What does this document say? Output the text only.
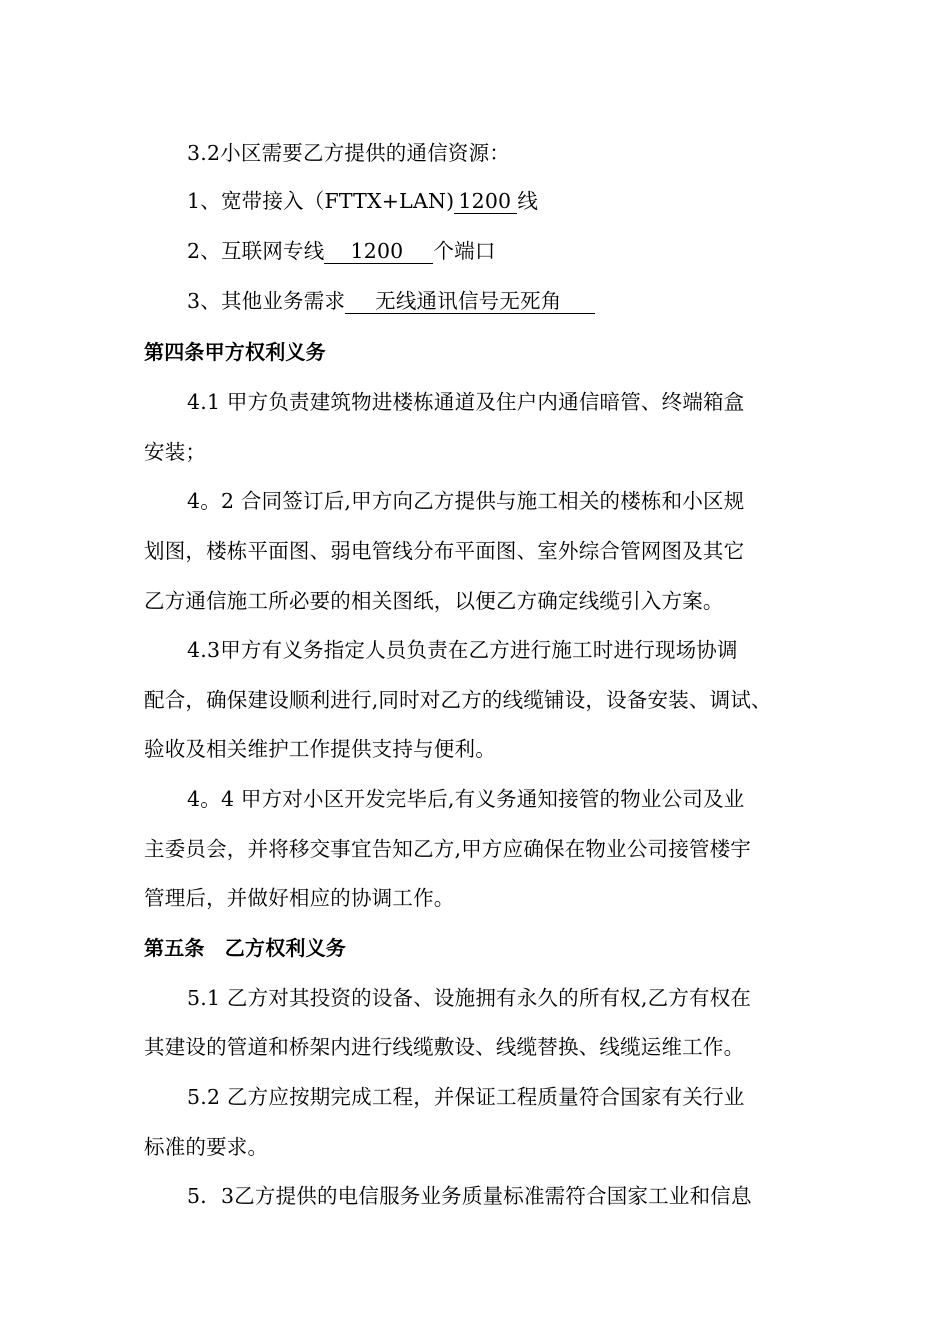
3.2小区需要乙方提供的通信资源：
1、宽带接入（FTTX+LAN) 1200 线
2、互联网专线 1200 个端口
3、其他业务需求 无线通讯信号无死角
第四条甲方权利义务
4.1 甲方负责建筑物进楼栋通道及住户内通信暗管、终端箱盒
安装；
4。2 合同签订后,甲方向乙方提供与施工相关的楼栋和小区规
划图，楼栋平面图、弱电管线分布平面图、室外综合管网图及其它
乙方通信施工所必要的相关图纸，以便乙方确定线缆引入方案。
4.3甲方有义务指定人员负责在乙方进行施工时进行现场协调
配合，确保建设顺利进行,同时对乙方的线缆铺设，设备安装、调试、
验收及相关维护工作提供支持与便利。
4。4 甲方对小区开发完毕后,有义务通知接管的物业公司及业
主委员会，并将移交事宜告知乙方,甲方应确保在物业公司接管楼宇
管理后，并做好相应的协调工作。
第五条　乙方权利义务
5.1 乙方对其投资的设备、设施拥有永久的所有权,乙方有权在
其建设的管道和桥架内进行线缆敷设、线缆替换、线缆运维工作。
5.2 乙方应按期完成工程，并保证工程质量符合国家有关行业
标准的要求。
5．3乙方提供的电信服务业务质量标准需符合国家工业和信息
